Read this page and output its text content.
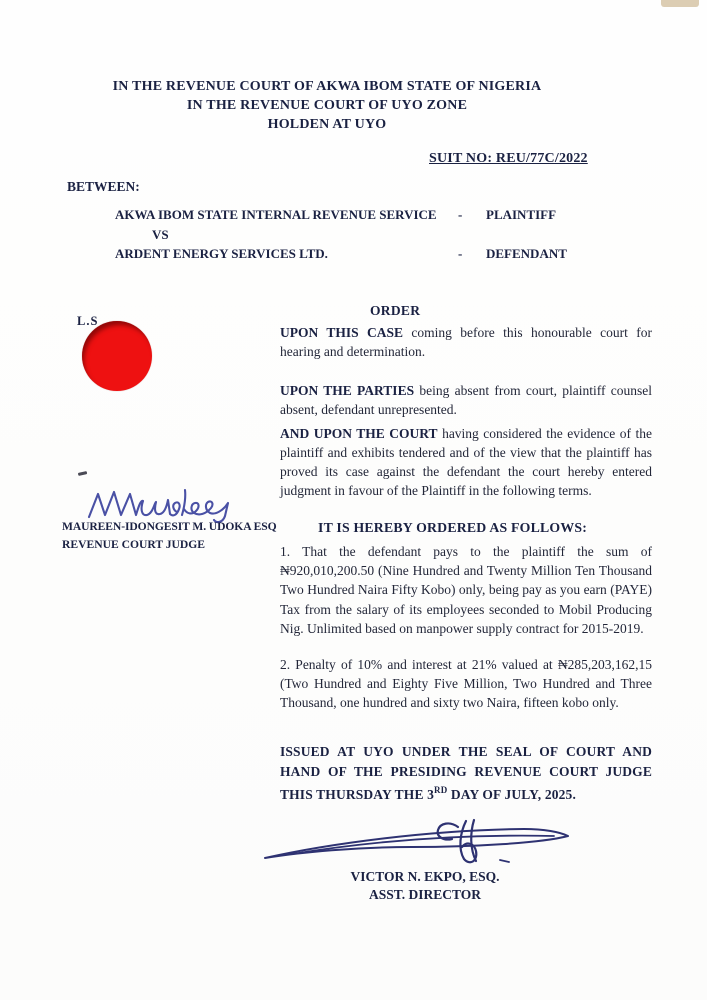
IN THE REVENUE COURT OF AKWA IBOM STATE OF NIGERIA
IN THE REVENUE COURT OF UYO ZONE
HOLDEN AT UYO
SUIT NO: REU/77C/2022
BETWEEN:
AKWA IBOM STATE INTERNAL REVENUE SERVICE	-	PLAINTIFF
VS
ARDENT ENERGY SERVICES LTD.	-	DEFENDANT
L.S
ORDER
UPON THIS CASE coming before this honourable court for hearing and determination.
UPON THE PARTIES being absent from court, plaintiff counsel absent, defendant unrepresented.
AND UPON THE COURT having considered the evidence of the plaintiff and exhibits tendered and of the view that the plaintiff has proved its case against the defendant the court hereby entered judgment in favour of the Plaintiff in the following terms.
MAUREEN-IDONGESIT M. UDOKA ESQ
REVENUE COURT JUDGE
IT IS HEREBY ORDERED AS FOLLOWS:
1. That the defendant pays to the plaintiff the sum of ₦920,010,200.50 (Nine Hundred and Twenty Million Ten Thousand Two Hundred Naira Fifty Kobo) only, being pay as you earn (PAYE) Tax from the salary of its employees seconded to Mobil Producing Nig. Unlimited based on manpower supply contract for 2015-2019.
2. Penalty of 10% and interest at 21% valued at ₦285,203,162,15 (Two Hundred and Eighty Five Million, Two Hundred and Three Thousand, one hundred and sixty two Naira, fifteen kobo only.
ISSUED AT UYO UNDER THE SEAL OF COURT AND HAND OF THE PRESIDING REVENUE COURT JUDGE THIS THURSDAY THE 3RD DAY OF JULY, 2025.
VICTOR N. EKPO, ESQ.
ASST. DIRECTOR
